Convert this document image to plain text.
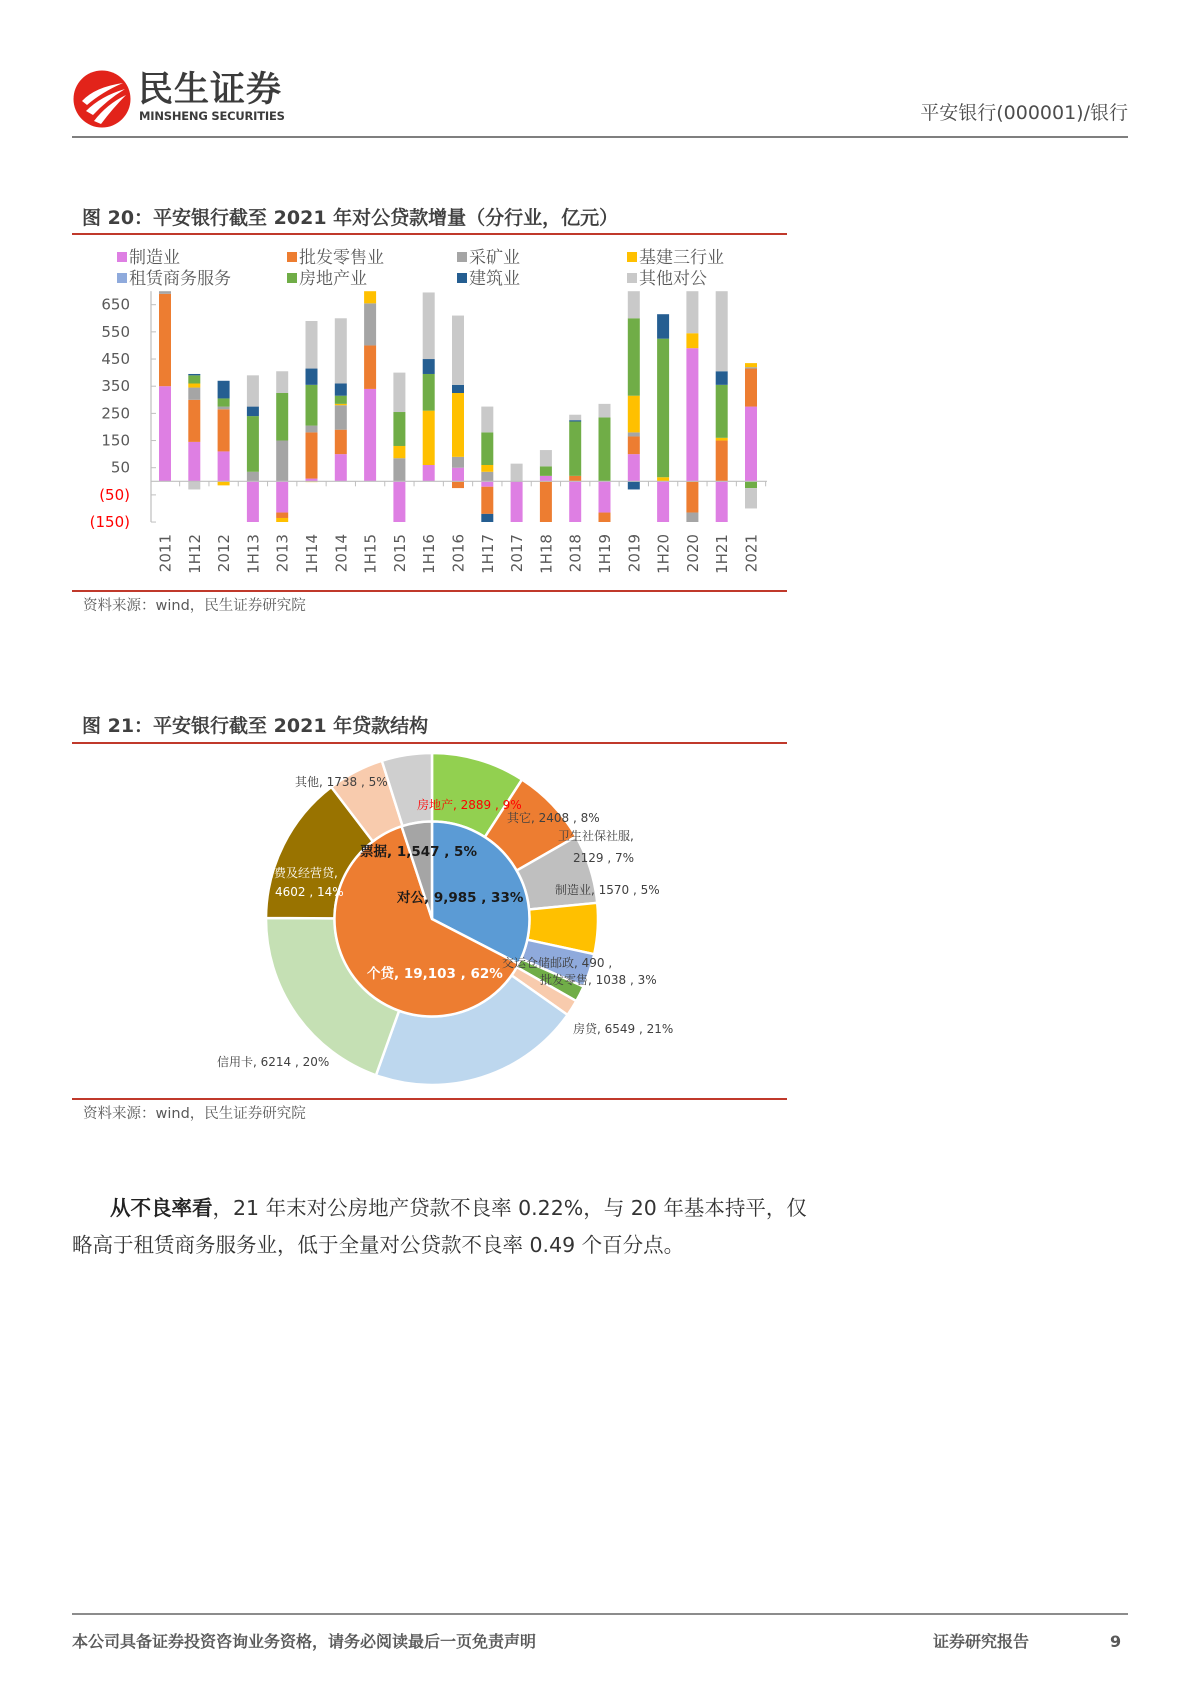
民生证券
MINSHENG SECURITIES	平安银行(000001)/银行
图 20：平安银行截至 2021 年对公贷款增量（分行业，亿元）
制造业	批发零售业	采矿业	基建三行业
租赁商务服务	房地产业	建筑业	其他对公
2011 1H12 2012 1H13 2013 1H14 2014 1H15 2015 1H16 2016 1H17 2017 1H18 2018 1H19 2019 1H20 2020 1H21 2021
650
550
450
350
250
150
50
(50)
(150)
资料来源：wind，民生证券研究院
图 21：平安银行截至 2021 年贷款结构
其他, 1738 , 5%
房地产, 2889 , 9%
其它, 2408 , 8%
卫生社保社服,
2129 , 7%
制造业, 1570 , 5%
票据, 1,547 , 5%
消费及经营贷,
4602 , 14%	对公, 9,985 , 33%
交运仓储邮政, 490 ,
批发零售, 1038 , 3%
个贷, 19,103 , 62%
房贷, 6549 , 21%
信用卡, 6214 , 20%
资料来源：wind，民生证券研究院
从不良率看，21 年末对公房地产贷款不良率 0.22%，与 20 年基本持平，仅
略高于租赁商务服务业，低于全量对公贷款不良率 0.49 个百分点。
本公司具备证券投资咨询业务资格，请务必阅读最后一页免责声明	证券研究报告	9
